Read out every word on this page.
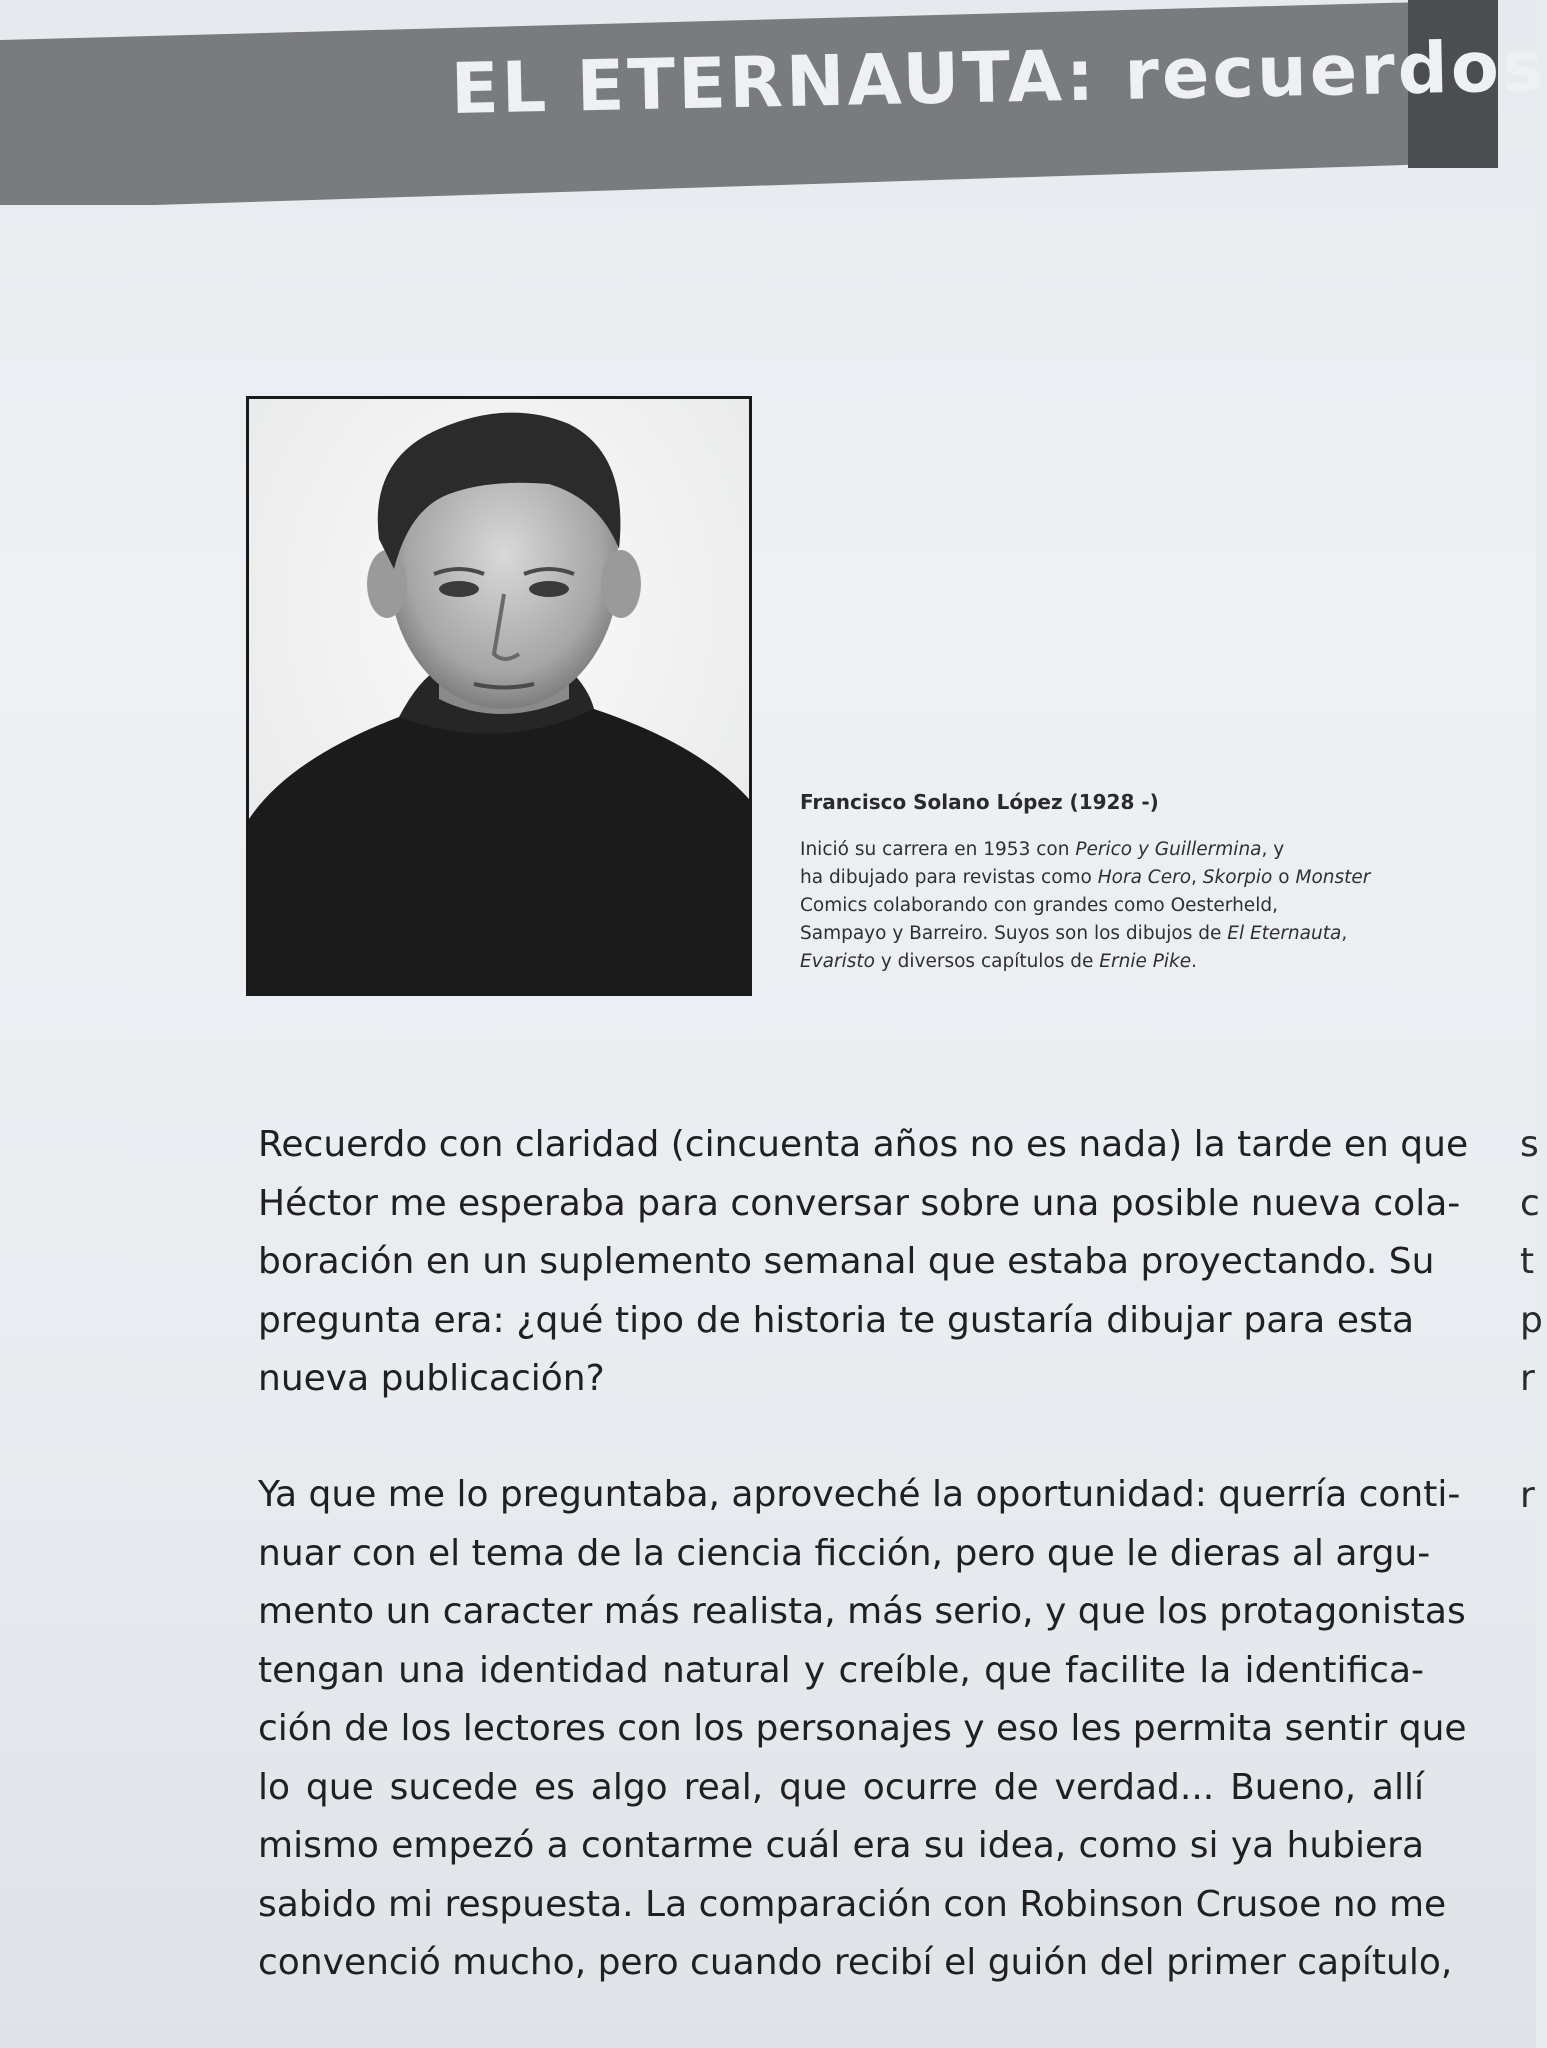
EL ETERNAUTA: recuerdos
Francisco Solano López (1928 -)
Inició su carrera en 1953 con Perico y Guillermina, y
ha dibujado para revistas como Hora Cero, Skorpio o Monster
Comics colaborando con grandes como Oesterheld,
Sampayo y Barreiro. Suyos son los dibujos de El Eternauta,
Evaristo y diversos capítulos de Ernie Pike.
Recuerdo con claridad (cincuenta años no es nada) la tarde en que
Héctor me esperaba para conversar sobre una posible nueva cola-
boración en un suplemento semanal que estaba proyectando. Su
pregunta era: ¿qué tipo de historia te gustaría dibujar para esta
nueva publicación?
Ya que me lo preguntaba, aproveché la oportunidad: querría conti-
nuar con el tema de la ciencia ficción, pero que le dieras al argu-
mento un caracter más realista, más serio, y que los protagonistas
tengan una identidad natural y creíble, que facilite la identifica-
ción de los lectores con los personajes y eso les permita sentir que
lo que sucede es algo real, que ocurre de verdad... Bueno, allí
mismo empezó a contarme cuál era su idea, como si ya hubiera
sabido mi respuesta. La comparación con Robinson Crusoe no me
convenció mucho, pero cuando recibí el guión del primer capítulo,
s
c
t
p
r
r
